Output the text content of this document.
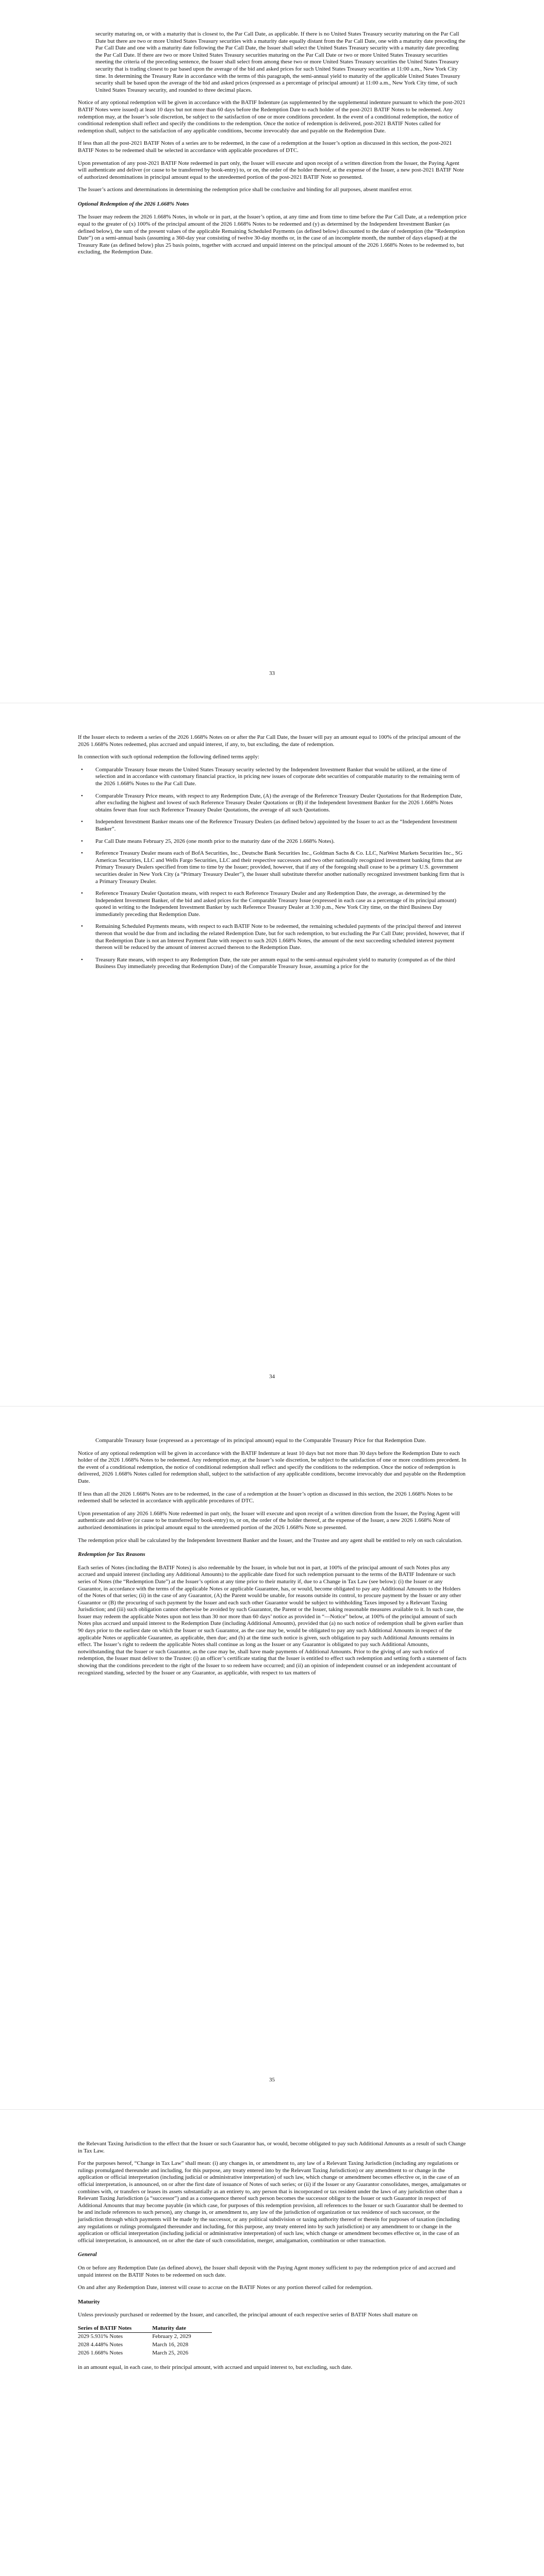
security maturing on, or with a maturity that is closest to, the Par Call Date, as applicable. If there is no United States Treasury security maturing on the Par Call Date but there are two or more United States Treasury securities with a maturity date equally distant from the Par Call Date, one with a maturity date preceding the Par Call Date and one with a maturity date following the Par Call Date, the Issuer shall select the United States Treasury security with a maturity date preceding the Par Call Date. If there are two or more United States Treasury securities maturing on the Par Call Date or two or more United States Treasury securities meeting the criteria of the preceding sentence, the Issuer shall select from among these two or more United States Treasury securities the United States Treasury security that is trading closest to par based upon the average of the bid and asked prices for such United States Treasury securities at 11:00 a.m., New York City time. In determining the Treasury Rate in accordance with the terms of this paragraph, the semi-annual yield to maturity of the applicable United States Treasury security shall be based upon the average of the bid and asked prices (expressed as a percentage of principal amount) at 11:00 a.m., New York City time, of such United States Treasury security, and rounded to three decimal places.

Notice of any optional redemption will be given in accordance with the BATIF Indenture (as supplemented by the supplemental indenture pursuant to which the post-2021 BATIF Notes were issued) at least 10 days but not more than 60 days before the Redemption Date to each holder of the post-2021 BATIF Notes to be redeemed. Any redemption may, at the Issuer’s sole discretion, be subject to the satisfaction of one or more conditions precedent. In the event of a conditional redemption, the notice of conditional redemption shall reflect and specify the conditions to the redemption. Once the notice of redemption is delivered, post-2021 BATIF Notes called for redemption shall, subject to the satisfaction of any applicable conditions, become irrevocably due and payable on the Redemption Date.

If less than all the post-2021 BATIF Notes of a series are to be redeemed, in the case of a redemption at the Issuer’s option as discussed in this section, the post-2021 BATIF Notes to be redeemed shall be selected in accordance with applicable procedures of DTC.

Upon presentation of any post-2021 BATIF Note redeemed in part only, the Issuer will execute and upon receipt of a written direction from the Issuer, the Paying Agent will authenticate and deliver (or cause to be transferred by book-entry) to, or on, the order of the holder thereof, at the expense of the Issuer, a new post-2021 BATIF Note of authorized denominations in principal amount equal to the unredeemed portion of the post-2021 BATIF Note so presented.

The Issuer’s actions and determinations in determining the redemption price shall be conclusive and binding for all purposes, absent manifest error.

Optional Redemption of the 2026 1.668% Notes

The Issuer may redeem the 2026 1.668% Notes, in whole or in part, at the Issuer’s option, at any time and from time to time before the Par Call Date, at a redemption price equal to the greater of (x) 100% of the principal amount of the 2026 1.668% Notes to be redeemed and (y) as determined by the Independent Investment Banker (as defined below), the sum of the present values of the applicable Remaining Scheduled Payments (as defined below) discounted to the date of redemption (the “Redemption Date”) on a semi-annual basis (assuming a 360-day year consisting of twelve 30-day months or, in the case of an incomplete month, the number of days elapsed) at the Treasury Rate (as defined below) plus 25 basis points, together with accrued and unpaid interest on the principal amount of the 2026 1.668% Notes to be redeemed to, but excluding, the Redemption Date.

33

If the Issuer elects to redeem a series of the 2026 1.668% Notes on or after the Par Call Date, the Issuer will pay an amount equal to 100% of the principal amount of the 2026 1.668% Notes redeemed, plus accrued and unpaid interest, if any, to, but excluding, the date of redemption.

In connection with such optional redemption the following defined terms apply:

• Comparable Treasury Issue means the United States Treasury security selected by the Independent Investment Banker that would be utilized, at the time of selection and in accordance with customary financial practice, in pricing new issues of corporate debt securities of comparable maturity to the remaining term of the 2026 1.668% Notes to the Par Call Date.
• Comparable Treasury Price means, with respect to any Redemption Date, (A) the average of the Reference Treasury Dealer Quotations for that Redemption Date, after excluding the highest and lowest of such Reference Treasury Dealer Quotations or (B) if the Independent Investment Banker for the 2026 1.668% Notes obtains fewer than four such Reference Treasury Dealer Quotations, the average of all such Quotations.
• Independent Investment Banker means one of the Reference Treasury Dealers (as defined below) appointed by the Issuer to act as the “Independent Investment Banker”.
• Par Call Date means February 25, 2026 (one month prior to the maturity date of the 2026 1.668% Notes).
• Reference Treasury Dealer means each of BofA Securities, Inc., Deutsche Bank Securities Inc., Goldman Sachs & Co. LLC, NatWest Markets Securities Inc., SG Americas Securities, LLC and Wells Fargo Securities, LLC and their respective successors and two other nationally recognized investment banking firms that are Primary Treasury Dealers specified from time to time by the Issuer; provided, however, that if any of the foregoing shall cease to be a primary U.S. government securities dealer in New York City (a “Primary Treasury Dealer”), the Issuer shall substitute therefor another nationally recognized investment banking firm that is a Primary Treasury Dealer.
• Reference Treasury Dealer Quotation means, with respect to each Reference Treasury Dealer and any Redemption Date, the average, as determined by the Independent Investment Banker, of the bid and asked prices for the Comparable Treasury Issue (expressed in each case as a percentage of its principal amount) quoted in writing to the Independent Investment Banker by such Reference Treasury Dealer at 3:30 p.m., New York City time, on the third Business Day immediately preceding that Redemption Date.
• Remaining Scheduled Payments means, with respect to each BATIF Note to be redeemed, the remaining scheduled payments of the principal thereof and interest thereon that would be due from and including the related Redemption Date, but for such redemption, to but excluding the Par Call Date; provided, however, that if that Redemption Date is not an Interest Payment Date with respect to such 2026 1.668% Notes, the amount of the next succeeding scheduled interest payment thereon will be reduced by the amount of interest accrued thereon to the Redemption Date.
• Treasury Rate means, with respect to any Redemption Date, the rate per annum equal to the semi-annual equivalent yield to maturity (computed as of the third Business Day immediately preceding that Redemption Date) of the Comparable Treasury Issue, assuming a price for the
34

Comparable Treasury Issue (expressed as a percentage of its principal amount) equal to the Comparable Treasury Price for that Redemption Date.

Notice of any optional redemption will be given in accordance with the BATIF Indenture at least 10 days but not more than 30 days before the Redemption Date to each holder of the 2026 1.668% Notes to be redeemed. Any redemption may, at the Issuer’s sole discretion, be subject to the satisfaction of one or more conditions precedent. In the event of a conditional redemption, the notice of conditional redemption shall reflect and specify the conditions to the redemption. Once the notice of redemption is delivered, 2026 1.668% Notes called for redemption shall, subject to the satisfaction of any applicable conditions, become irrevocably due and payable on the Redemption Date.

If less than all the 2026 1.668% Notes are to be redeemed, in the case of a redemption at the Issuer’s option as discussed in this section, the 2026 1.668% Notes to be redeemed shall be selected in accordance with applicable procedures of DTC.

Upon presentation of any 2026 1.668% Note redeemed in part only, the Issuer will execute and upon receipt of a written direction from the Issuer, the Paying Agent will authenticate and deliver (or cause to be transferred by book-entry) to, or on, the order of the holder thereof, at the expense of the Issuer, a new 2026 1.668% Note of authorized denominations in principal amount equal to the unredeemed portion of the 2026 1.668% Note so presented.

The redemption price shall be calculated by the Independent Investment Banker and the Issuer, and the Trustee and any agent shall be entitled to rely on such calculation.

Redemption for Tax Reasons

Each series of Notes (including the BATIF Notes) is also redeemable by the Issuer, in whole but not in part, at 100% of the principal amount of such Notes plus any accrued and unpaid interest (including any Additional Amounts) to the applicable date fixed for such redemption pursuant to the terms of the BATIF Indenture or such series of Notes (the “Redemption Date”) at the Issuer’s option at any time prior to their maturity if, due to a Change in Tax Law (see below): (i) the Issuer or any Guarantor, in accordance with the terms of the applicable Notes or applicable Guarantee, has, or would, become obligated to pay any Additional Amounts to the Holders of the Notes of that series; (ii) in the case of any Guarantor, (A) the Parent would be unable, for reasons outside its control, to procure payment by the Issuer or any other Guarantor or (B) the procuring of such payment by the Issuer and each such other Guarantor would be subject to withholding Taxes imposed by a Relevant Taxing Jurisdiction; and (iii) such obligation cannot otherwise be avoided by such Guarantor, the Parent or the Issuer, taking reasonable measures available to it. In such case, the Issuer may redeem the applicable Notes upon not less than 30 nor more than 60 days’ notice as provided in “—Notice” below, at 100% of the principal amount of such Notes plus accrued and unpaid interest to the Redemption Date (including Additional Amounts), provided that (a) no such notice of redemption shall be given earlier than 90 days prior to the earliest date on which the Issuer or such Guarantor, as the case may be, would be obligated to pay any such Additional Amounts in respect of the applicable Notes or applicable Guarantee, as applicable, then due; and (b) at the time such notice is given, such obligation to pay such Additional Amounts remains in effect. The Issuer’s right to redeem the applicable Notes shall continue as long as the Issuer or any Guarantor is obligated to pay such Additional Amounts, notwithstanding that the Issuer or such Guarantor, as the case may be, shall have made payments of Additional Amounts. Prior to the giving of any such notice of redemption, the Issuer must deliver to the Trustee: (i) an officer’s certificate stating that the Issuer is entitled to effect such redemption and setting forth a statement of facts showing that the conditions precedent to the right of the Issuer to so redeem have occurred; and (ii) an opinion of independent counsel or an independent accountant of recognized standing, selected by the Issuer or any Guarantor, as applicable, with respect to tax matters of

35

the Relevant Taxing Jurisdiction to the effect that the Issuer or such Guarantor has, or would, become obligated to pay such Additional Amounts as a result of such Change in Tax Law.

For the purposes hereof, “Change in Tax Law” shall mean: (i) any changes in, or amendment to, any law of a Relevant Taxing Jurisdiction (including any regulations or rulings promulgated thereunder and including, for this purpose, any treaty entered into by the Relevant Taxing Jurisdiction) or any amendment to or change in the application or official interpretation (including judicial or administrative interpretation) of such law, which change or amendment becomes effective or, in the case of an official interpretation, is announced, on or after the first date of issuance of Notes of such series; or (ii) if the Issuer or any Guarantor consolidates, merges, amalgamates or combines with, or transfers or leases its assets substantially as an entirety to, any person that is incorporated or tax resident under the laws of any jurisdiction other than a Relevant Taxing Jurisdiction (a “successor”) and as a consequence thereof such person becomes the successor obligor to the Issuer or such Guarantor in respect of Additional Amounts that may become payable (in which case, for purposes of this redemption provision, all references to the Issuer or such Guarantor shall be deemed to be and include references to such person), any change in, or amendment to, any law of the jurisdiction of organization or tax residence of such successor, or the jurisdiction through which payments will be made by the successor, or any political subdivision or taxing authority thereof or therein for purposes of taxation (including any regulations or rulings promulgated thereunder and including, for this purpose, any treaty entered into by such jurisdiction) or any amendment to or change in the application or official interpretation (including judicial or administrative interpretation) of such law, which change or amendment becomes effective or, in the case of an official interpretation, is announced, on or after the date of such consolidation, merger, amalgamation, combination or other transaction.

General

On or before any Redemption Date (as defined above), the Issuer shall deposit with the Paying Agent money sufficient to pay the redemption price of and accrued and unpaid interest on the BATIF Notes to be redeemed on such date.

On and after any Redemption Date, interest will cease to accrue on the BATIF Notes or any portion thereof called for redemption.

Maturity

Unless previously purchased or redeemed by the Issuer, and cancelled, the principal amount of each respective series of BATIF Notes shall mature on

Series of BATIF Notes	Maturity date
2029 5.931% Notes	February 2, 2029
2028 4.448% Notes	March 16, 2028
2026 1.668% Notes	March 25, 2026

in an amount equal, in each case, to their principal amount, with accrued and unpaid interest to, but excluding, such date.
